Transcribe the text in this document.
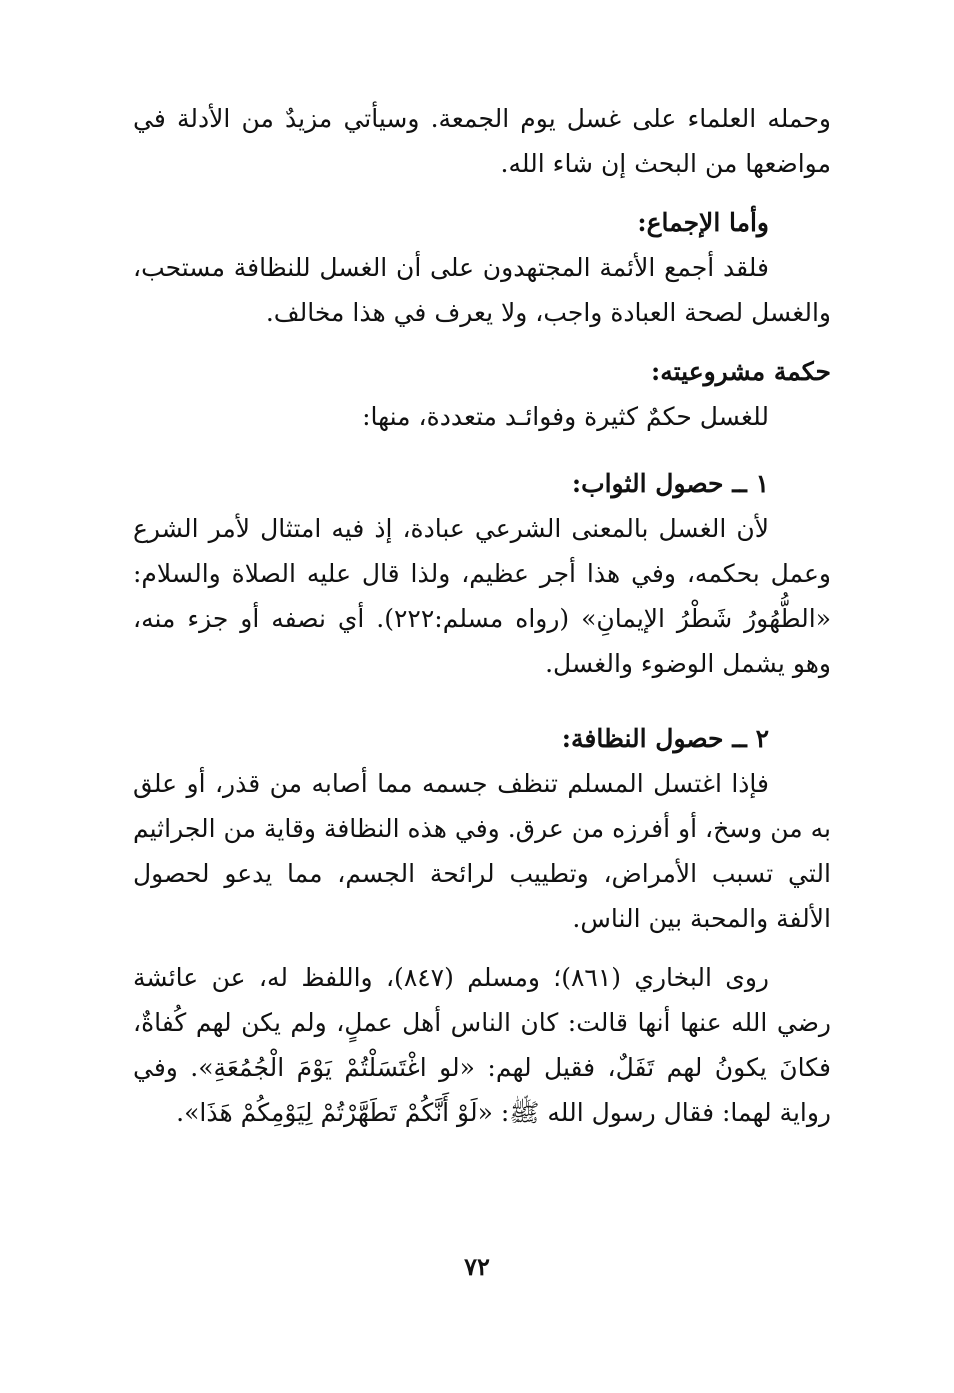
وحمله العلماء على غسل يوم الجمعة. وسيأتي مزيدٌ من الأدلة في مواضعها من البحث إن شاء الله.

وأما الإجماع:

فلقد أجمع الأئمة المجتهدون على أن الغسل للنظافة مستحب، والغسل لصحة العبادة واجب، ولا يعرف في هذا مخالف.

حكمة مشروعيته:

للغسل حكمٌ كثيرة وفوائـد متعددة، منها:

١ ــ حصول الثواب:

لأن الغسل بالمعنى الشرعي عبادة، إذ فيه امتثال لأمر الشرع وعمل بحكمه، وفي هذا أجر عظيم، ولذا قال عليه الصلاة والسلام: «الطُّهُورُ شَطْرُ الإيمانِ» (رواه مسلم:٢٢٢). أي نصفه أو جزء منه، وهو يشمل الوضوء والغسل.

٢ ــ حصول النظافة:

فإذا اغتسل المسلم تنظف جسمه مما أصابه من قذر، أو علق به من وسخ، أو أفرزه من عرق. وفي هذه النظافة وقاية من الجراثيم التي تسبب الأمراض، وتطييب لرائحة الجسم، مما يدعو لحصول الألفة والمحبة بين الناس.

روى البخاري (٨٦١)؛ ومسلم (٨٤٧)، واللفظ له، عن عائشة رضي الله عنها أنها قالت: كان الناس أهل عملٍ، ولم يكن لهم كُفاةٌ، فكانَ يكونُ لهم تَفَلٌ، فقيل لهم: «لو اغْتَسَلْتُمْ يَوْمَ الْجُمُعَةِ». وفي رواية لهما: فقال رسول الله ﷺ: «لَوْ أَنَّكُمْ تَطَهَّرْتُمْ لِيَوْمِكُمْ هَذَا».

٧٢
